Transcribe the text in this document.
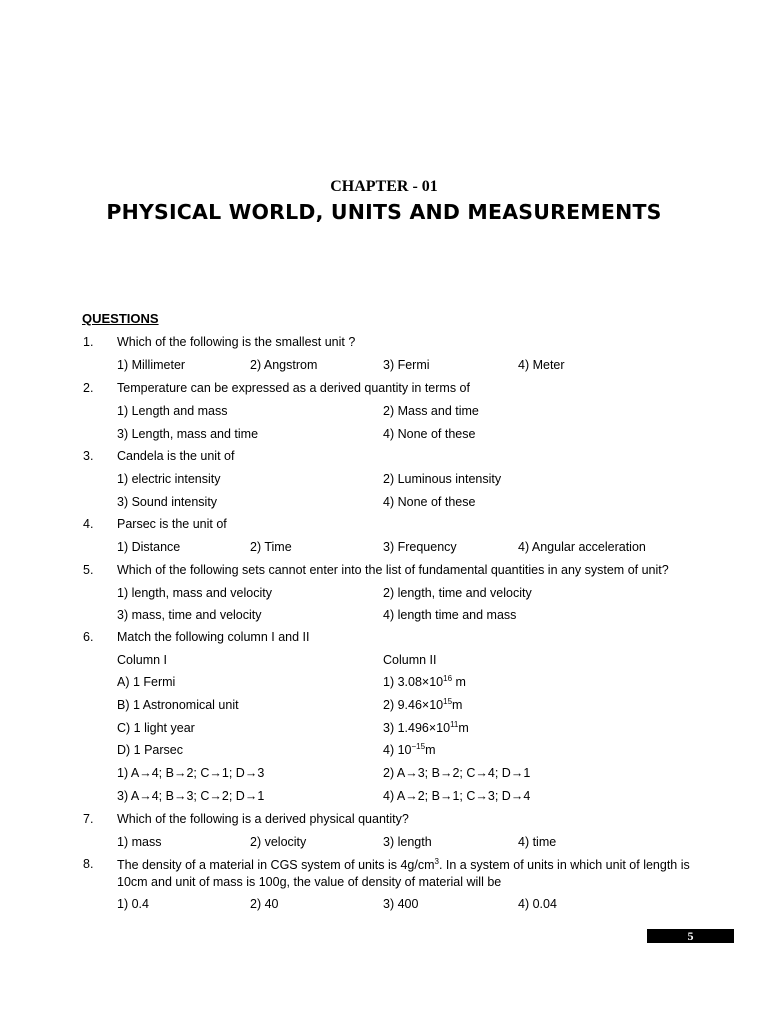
CHAPTER - 01
PHYSICAL WORLD, UNITS AND MEASUREMENTS
QUESTIONS
1. Which of the following is the smallest unit ?
1) Millimeter	2) Angstrom	3) Fermi	4) Meter
2. Temperature can be expressed as a derived quantity in terms of
1) Length and mass	2) Mass and time
3) Length, mass and time	4) None of these
3. Candela is the unit of
1) electric intensity	2) Luminous intensity
3) Sound intensity	4) None of these
4. Parsec is the unit of
1) Distance	2) Time	3) Frequency	4) Angular acceleration
5. Which of the following sets cannot enter into the list of fundamental quantities in any system of unit?
1) length, mass and velocity	2) length, time and velocity
3) mass, time and velocity	4) length time and mass
6. Match the following column I and II
Column I	Column II
A) 1 Fermi	1) $3.08\times 10^{16}$ m
B) 1 Astronomical unit	2) $9.46\times 10^{15}m$
C) 1 light year	3) $1.496\times 10^{11}m$
D) 1 Parsec	4) $10^{-15}m$
1) A→4; B→2; C→1; D→3	2) A→3; B→2; C→4; D→1
3) A→4; B→3; C→2; D→1	4) A→2; B→1; C→3; D→4
7. Which of the following is a derived physical quantity?
1) mass	2) velocity	3) length	4) time
8. The density of a material in CGS system of units is $4g/cm^3$. In a system of units in which unit of length is 10cm and unit of mass is 100g, the value of density of material will be
1) 0.4	2) 40	3) 400	4) 0.04
5
